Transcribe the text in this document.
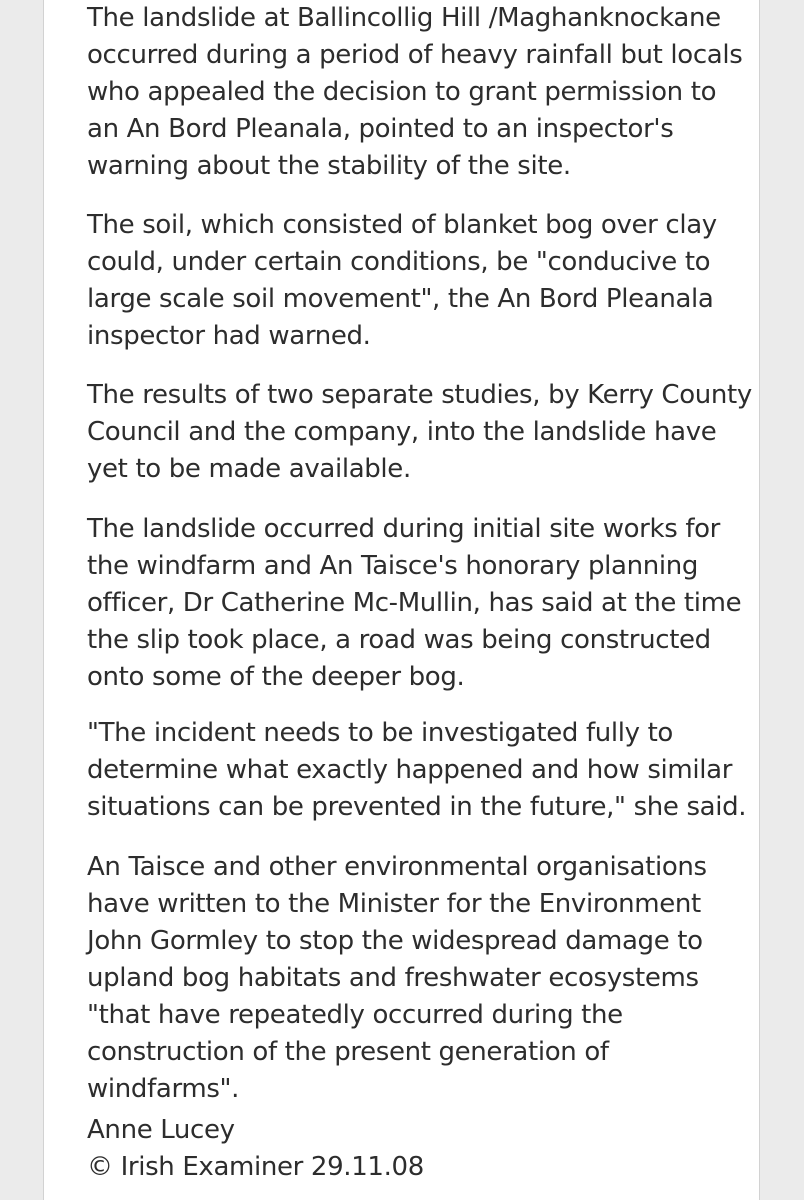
The landslide at Ballincollig Hill /Maghanknockane
occurred during a period of heavy rainfall but locals
who appealed the decision to grant permission to
an An Bord Pleanala, pointed to an inspector's
warning about the stability of the site.

The soil, which consisted of blanket bog over clay
could, under certain conditions, be "conducive to
large scale soil movement", the An Bord Pleanala
inspector had warned.

The results of two separate studies, by Kerry County
Council and the company, into the landslide have
yet to be made available.

The landslide occurred during initial site works for
the windfarm and An Taisce's honorary planning
officer, Dr Catherine Mc-Mullin, has said at the time
the slip took place, a road was being constructed
onto some of the deeper bog.

"The incident needs to be investigated fully to
determine what exactly happened and how similar
situations can be prevented in the future," she said.

An Taisce and other environmental organisations
have written to the Minister for the Environment
John Gormley to stop the widespread damage to
upland bog habitats and freshwater ecosystems
"that have repeatedly occurred during the
construction of the present generation of
windfarms".

Anne Lucey

© Irish Examiner 29.11.08
